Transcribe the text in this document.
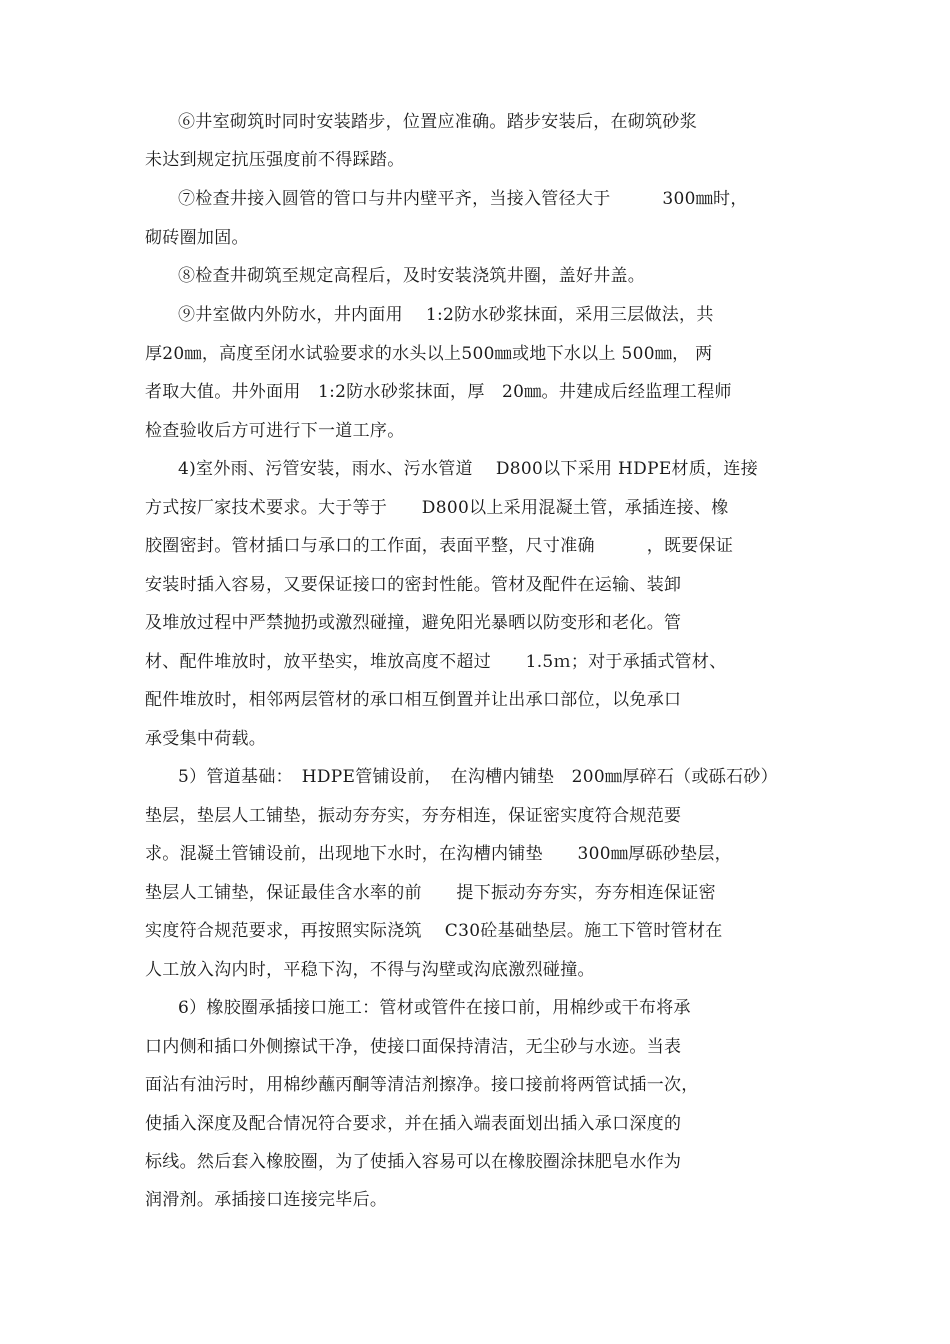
⑥井室砌筑时同时安装踏步，位置应准确。踏步安装后，在砌筑砂浆
未达到规定抗压强度前不得踩踏。
⑦检查井接入圆管的管口与井内壁平齐，当接入管径大于　　　300㎜时，
砌砖圈加固。
⑧检查井砌筑至规定高程后，及时安装浇筑井圈，盖好井盖。
⑨井室做内外防水，井内面用　 1:2防水砂浆抹面，采用三层做法，共
厚20㎜，高度至闭水试验要求的水头以上500㎜或地下水以上 500㎜， 两
者取大值。井外面用　1:2防水砂浆抹面，厚　20㎜。井建成后经监理工程师
检查验收后方可进行下一道工序。
4)室外雨、污管安装，雨水、污水管道　 D800以下采用 HDPE材质，连接
方式按厂家技术要求。大于等于　　D800以上采用混凝土管，承插连接、橡
胶圈密封。管材插口与承口的工作面，表面平整，尺寸准确　　　，既要保证
安装时插入容易，又要保证接口的密封性能。管材及配件在运输、装卸
及堆放过程中严禁抛扔或激烈碰撞，避免阳光暴晒以防变形和老化。管
材、配件堆放时，放平垫实，堆放高度不超过　　1.5ｍ；对于承插式管材、
配件堆放时，相邻两层管材的承口相互倒置并让出承口部位，以免承口
承受集中荷载。
5）管道基础：　HDPE管铺设前，　在沟槽内铺垫　200㎜厚碎石（或砾石砂）
垫层，垫层人工铺垫，振动夯夯实，夯夯相连，保证密实度符合规范要
求。混凝土管铺设前，出现地下水时，在沟槽内铺垫　　300㎜厚砾砂垫层，
垫层人工铺垫，保证最佳含水率的前　　提下振动夯夯实，夯夯相连保证密
实度符合规范要求，再按照实际浇筑　 C30砼基础垫层。施工下管时管材在
人工放入沟内时，平稳下沟，不得与沟壁或沟底激烈碰撞。
6）橡胶圈承插接口施工：管材或管件在接口前，用棉纱或干布将承
口内侧和插口外侧擦试干净，使接口面保持清洁，无尘砂与水迹。当表
面沾有油污时，用棉纱蘸丙酮等清洁剂擦净。接口接前将两管试插一次，
使插入深度及配合情况符合要求，并在插入端表面划出插入承口深度的
标线。然后套入橡胶圈，为了使插入容易可以在橡胶圈涂抹肥皂水作为
润滑剂。承插接口连接完毕后。
